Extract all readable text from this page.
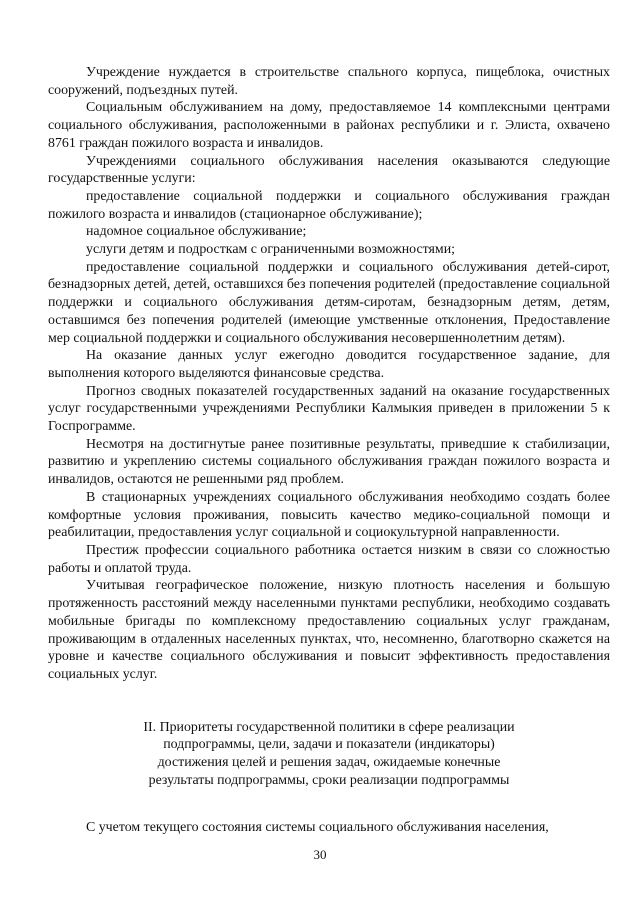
Учреждение нуждается в строительстве спального корпуса, пищеблока, очистных сооружений, подъездных путей.

Социальным обслуживанием на дому, предоставляемое 14 комплексными центрами социального обслуживания, расположенными в районах республики и г. Элиста, охвачено 8761 граждан пожилого возраста и инвалидов.

Учреждениями социального обслуживания населения оказываются следующие государственные услуги:

предоставление социальной поддержки и социального обслуживания граждан пожилого возраста и инвалидов (стационарное обслуживание);

надомное социальное обслуживание;

услуги детям и подросткам с ограниченными возможностями;

предоставление социальной поддержки и социального обслуживания детей-сирот, безнадзорных детей, детей, оставшихся без попечения родителей (предоставление социальной поддержки и социального обслуживания детям-сиротам, безнадзорным детям, детям, оставшимся без попечения родителей (имеющие умственные отклонения, Предоставление мер социальной поддержки и социального обслуживания несовершеннолетним детям).

На оказание данных услуг ежегодно доводится государственное задание, для выполнения которого выделяются финансовые средства.

Прогноз сводных показателей государственных заданий на оказание государственных услуг государственными учреждениями Республики Калмыкия приведен в приложении 5 к Госпрограмме.

Несмотря на достигнутые ранее позитивные результаты, приведшие к стабилизации, развитию и укреплению системы социального обслуживания граждан пожилого возраста и инвалидов, остаются не решенными ряд проблем.

В стационарных учреждениях социального обслуживания необходимо создать более комфортные условия проживания, повысить качество медико-социальной помощи и реабилитации, предоставления услуг социальной и социокультурной направленности.

Престиж профессии социального работника остается низким в связи со сложностью работы и оплатой труда.

Учитывая географическое положение, низкую плотность населения и большую протяженность расстояний между населенными пунктами республики, необходимо создавать мобильные бригады по комплексному предоставлению социальных услуг гражданам, проживающим в отдаленных населенных пунктах, что, несомненно, благотворно скажется на уровне и качестве социального обслуживания и повысит эффективность предоставления социальных услуг.

II. Приоритеты государственной политики в сфере реализации
подпрограммы, цели, задачи и показатели (индикаторы)
достижения целей и решения задач, ожидаемые конечные
результаты подпрограммы, сроки реализации подпрограммы

С учетом текущего состояния системы социального обслуживания населения,

30
